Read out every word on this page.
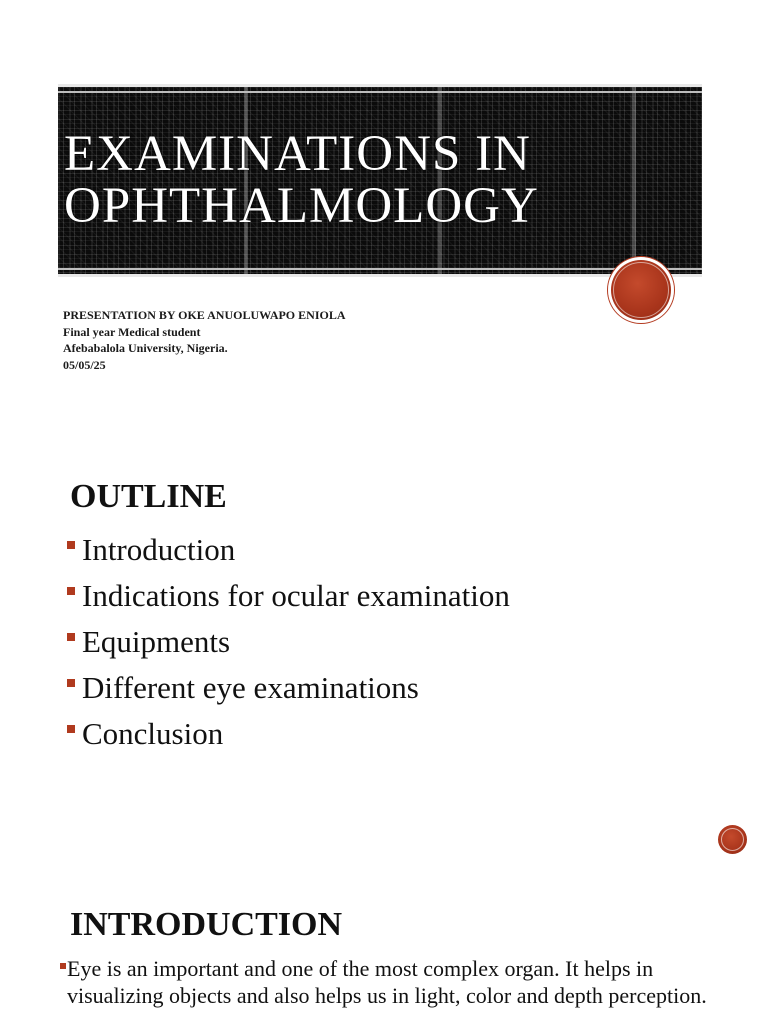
EXAMINATIONS IN
OPHTHALMOLOGY
PRESENTATION BY OKE ANUOLUWAPO ENIOLA
Final year Medical student
Afebabalola University, Nigeria.
05/05/25
OUTLINE
Introduction
Indications for ocular examination
Equipments
Different eye examinations
Conclusion
INTRODUCTION
Eye is an important and one of the most complex organ. It helps in visualizing objects and also helps us in light, color and depth perception.
